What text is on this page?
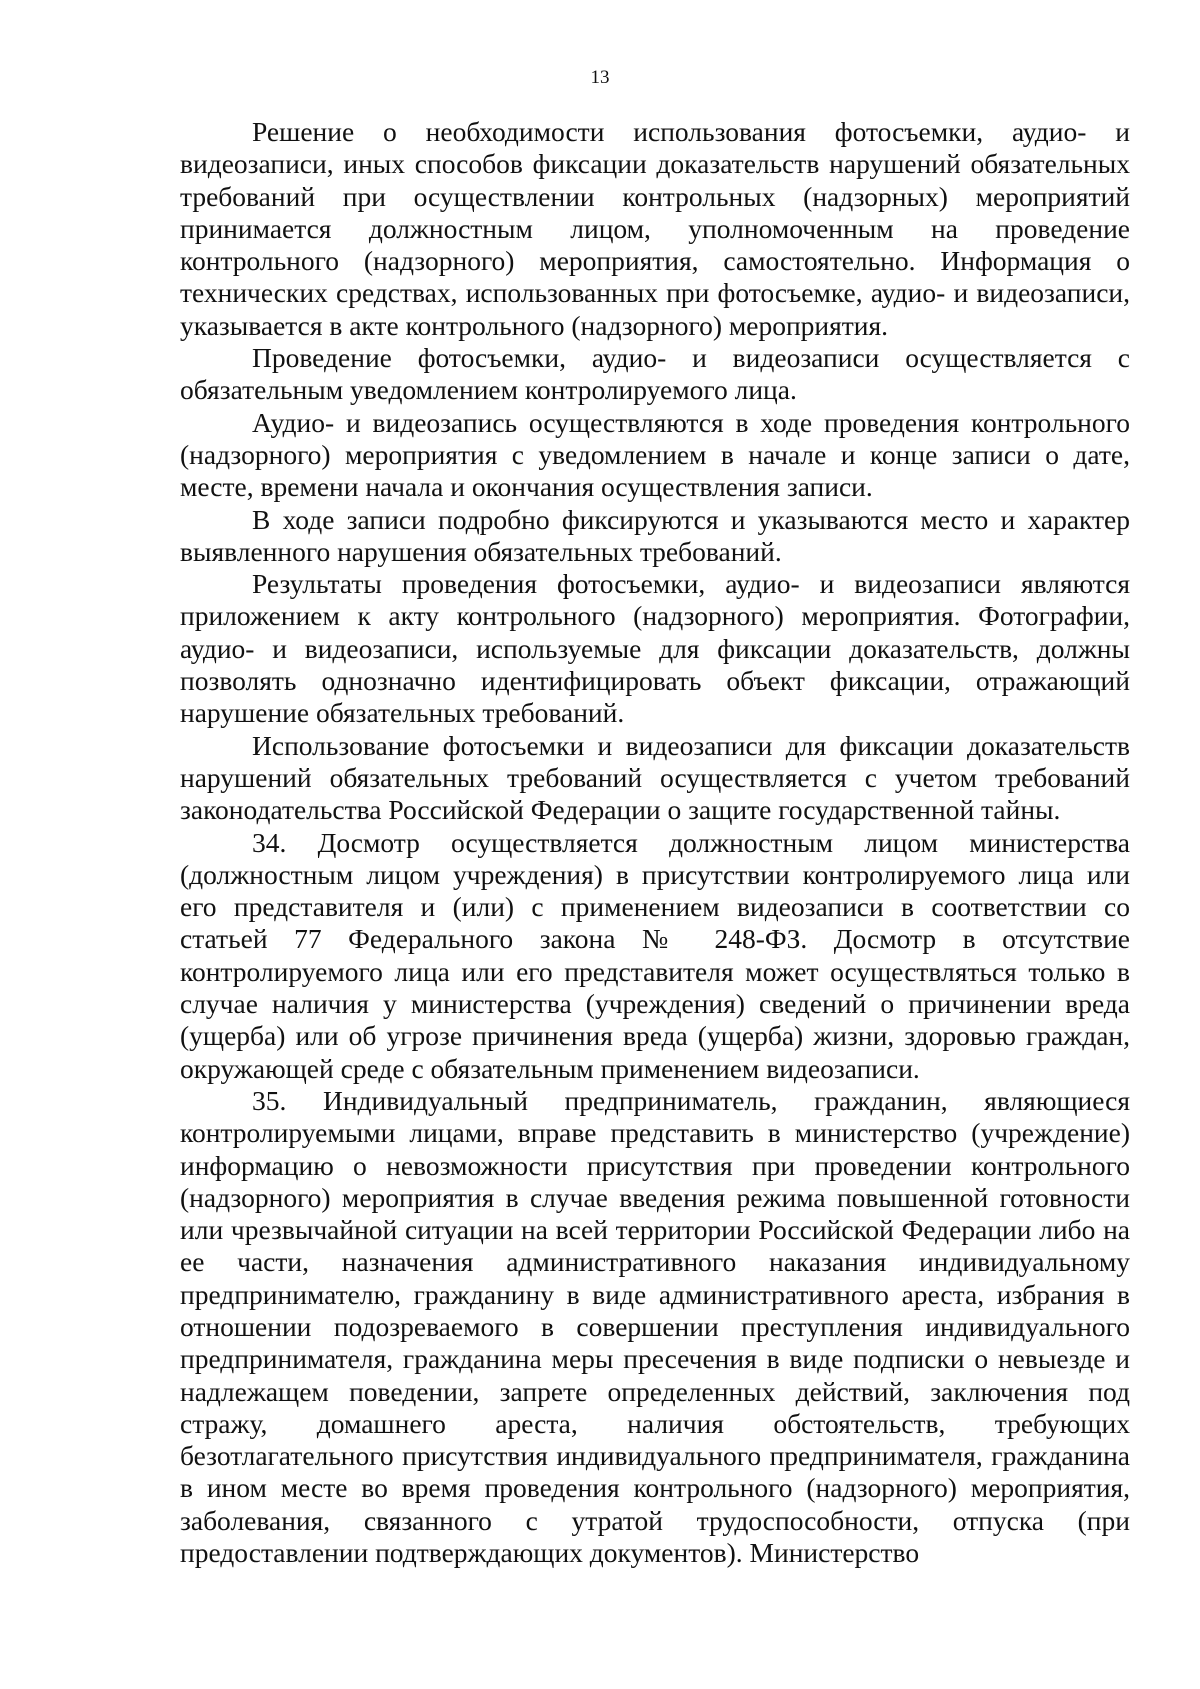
13

Решение о необходимости использования фотосъемки, аудио- и видеозаписи, иных способов фиксации доказательств нарушений обязательных требований при осуществлении контрольных (надзорных) мероприятий принимается должностным лицом, уполномоченным на проведение контрольного (надзорного) мероприятия, самостоятельно. Информация о технических средствах, использованных при фотосъемке, аудио- и видеозаписи, указывается в акте контрольного (надзорного) мероприятия.

Проведение фотосъемки, аудио- и видеозаписи осуществляется с обязательным уведомлением контролируемого лица.

Аудио- и видеозапись осуществляются в ходе проведения контрольного (надзорного) мероприятия с уведомлением в начале и конце записи о дате, месте, времени начала и окончания осуществления записи.

В ходе записи подробно фиксируются и указываются место и характер выявленного нарушения обязательных требований.

Результаты проведения фотосъемки, аудио- и видеозаписи являются приложением к акту контрольного (надзорного) мероприятия. Фотографии, аудио- и видеозаписи, используемые для фиксации доказательств, должны позволять однозначно идентифицировать объект фиксации, отражающий нарушение обязательных требований.

Использование фотосъемки и видеозаписи для фиксации доказательств нарушений обязательных требований осуществляется с учетом требований законодательства Российской Федерации о защите государственной тайны.

34. Досмотр осуществляется должностным лицом министерства (должностным лицом учреждения) в присутствии контролируемого лица или его представителя и (или) с применением видеозаписи в соответствии со статьей 77 Федерального закона № 248-ФЗ. Досмотр в отсутствие контролируемого лица или его представителя может осуществляться только в случае наличия у министерства (учреждения) сведений о причинении вреда (ущерба) или об угрозе причинения вреда (ущерба) жизни, здоровью граждан, окружающей среде с обязательным применением видеозаписи.

35. Индивидуальный предприниматель, гражданин, являющиеся контролируемыми лицами, вправе представить в министерство (учреждение) информацию о невозможности присутствия при проведении контрольного (надзорного) мероприятия в случае введения режима повышенной готовности или чрезвычайной ситуации на всей территории Российской Федерации либо на ее части, назначения административного наказания индивидуальному предпринимателю, гражданину в виде административного ареста, избрания в отношении подозреваемого в совершении преступления индивидуального предпринимателя, гражданина меры пресечения в виде подписки о невыезде и надлежащем поведении, запрете определенных действий, заключения под стражу, домашнего ареста, наличия обстоятельств, требующих безотлагательного присутствия индивидуального предпринимателя, гражданина в ином месте во время проведения контрольного (надзорного) мероприятия, заболевания, связанного с утратой трудоспособности, отпуска (при предоставлении подтверждающих документов). Министерство
